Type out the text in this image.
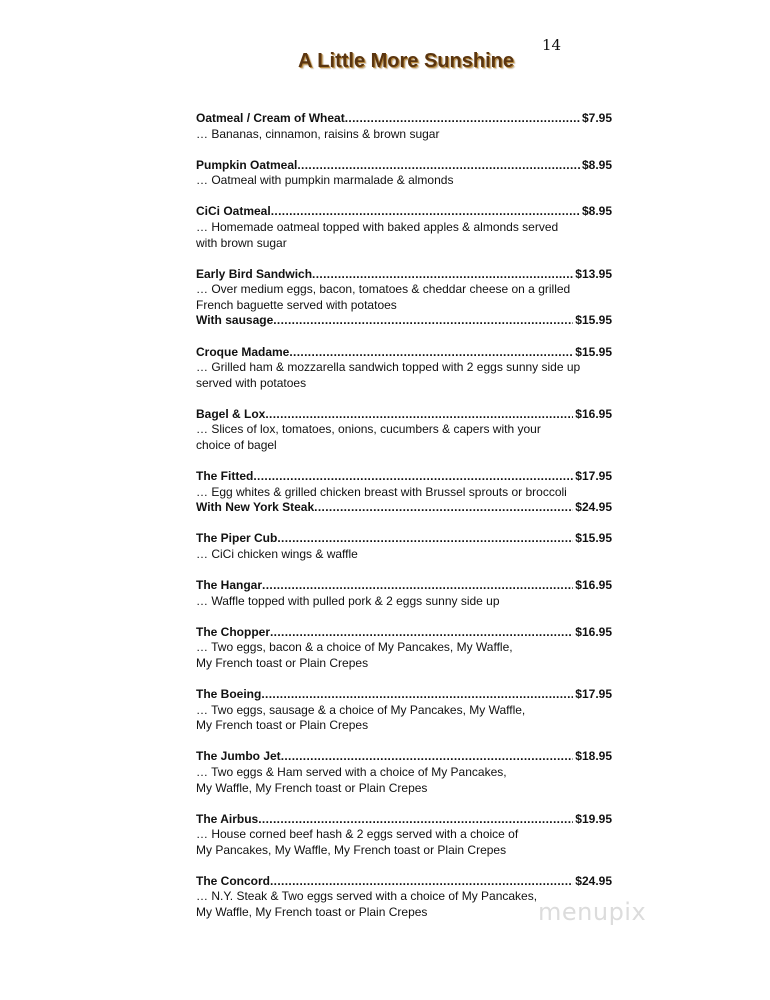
14
A Little More Sunshine
Oatmeal / Cream of Wheat .....	$7.95
… Bananas, cinnamon, raisins & brown sugar
Pumpkin Oatmeal .....	$8.95
… Oatmeal with pumpkin marmalade & almonds
CiCi Oatmeal .....	$8.95
… Homemade oatmeal topped with baked apples & almonds served
with brown sugar
Early Bird Sandwich .....	$13.95
… Over medium eggs, bacon, tomatoes & cheddar cheese on a grilled
French baguette served with potatoes
With sausage .....	$15.95
Croque Madame .....	$15.95
… Grilled ham & mozzarella sandwich topped with 2 eggs sunny side up
served with potatoes
Bagel & Lox .....	$16.95
… Slices of lox, tomatoes, onions, cucumbers & capers with your
choice of bagel
The Fitted .....	$17.95
… Egg whites & grilled chicken breast with Brussel sprouts or broccoli
With New York Steak .....	$24.95
The Piper Cub .....	$15.95
… CiCi chicken wings & waffle
The Hangar .....	$16.95
… Waffle topped with pulled pork & 2 eggs sunny side up
The Chopper .....	$16.95
… Two eggs, bacon & a choice of My Pancakes, My Waffle,
My French toast or Plain Crepes
The Boeing .....	$17.95
… Two eggs, sausage & a choice of My Pancakes, My Waffle,
My French toast or Plain Crepes
The Jumbo Jet .....	$18.95
… Two eggs & Ham served with a choice of My Pancakes,
My Waffle, My French toast or Plain Crepes
The Airbus .....	$19.95
… House corned beef hash & 2 eggs served with a choice of
My Pancakes, My Waffle, My French toast or Plain Crepes
The Concord .....	$24.95
… N.Y. Steak & Two eggs served with a choice of My Pancakes,
My Waffle, My French toast or Plain Crepes	menupix
